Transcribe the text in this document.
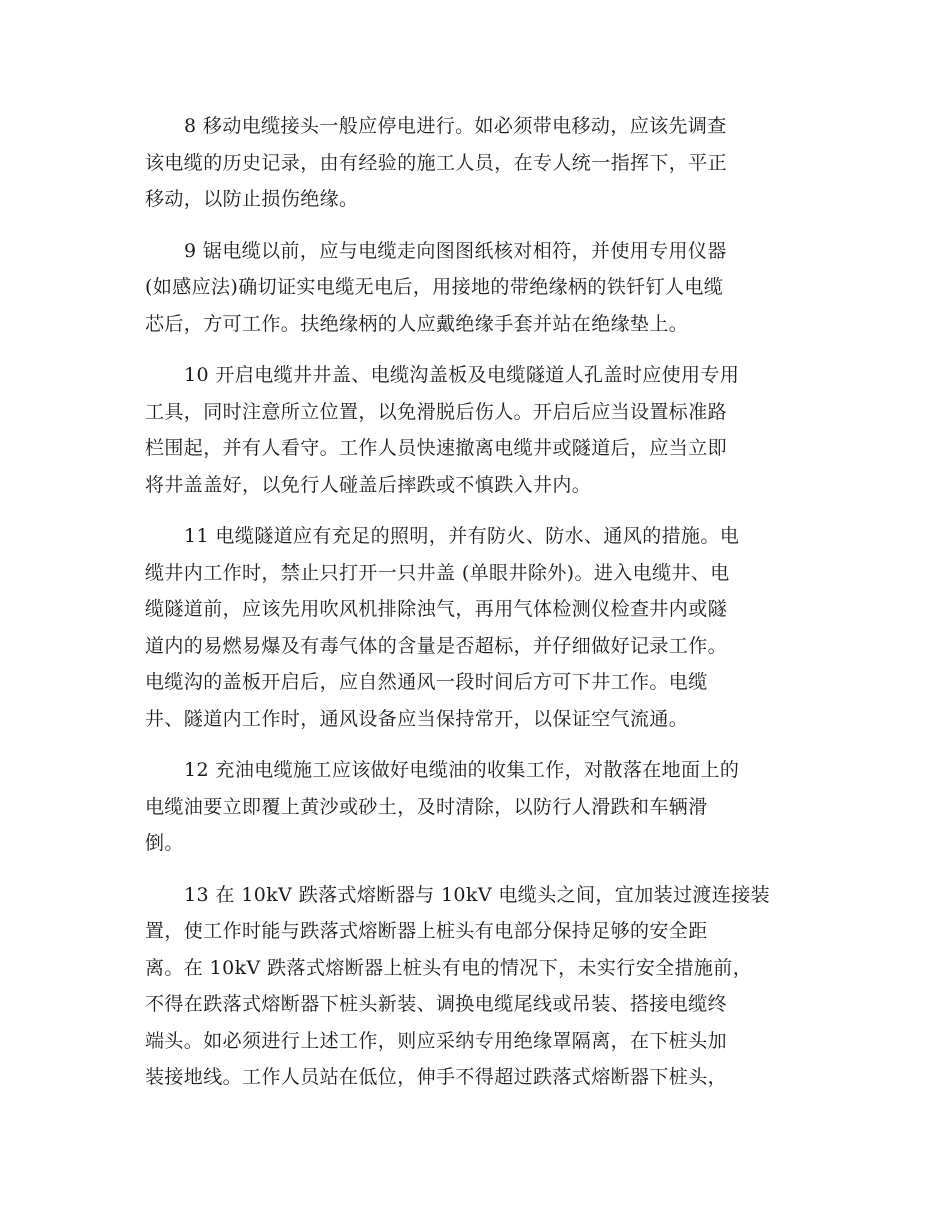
8 移动电缆接头一般应停电进行。如必须带电移动，应该先调查
该电缆的历史记录，由有经验的施工人员，在专人统一指挥下，平正
移动，以防止损伤绝缘。
9 锯电缆以前，应与电缆走向图图纸核对相符，并使用专用仪器
(如感应法)确切证实电缆无电后，用接地的带绝缘柄的铁钎钉人电缆
芯后，方可工作。扶绝缘柄的人应戴绝缘手套并站在绝缘垫上。
10 开启电缆井井盖、电缆沟盖板及电缆隧道人孔盖时应使用专用
工具，同时注意所立位置，以免滑脱后伤人。开启后应当设置标准路
栏围起，并有人看守。工作人员快速撤离电缆井或隧道后，应当立即
将井盖盖好，以免行人碰盖后摔跌或不慎跌入井内。
11 电缆隧道应有充足的照明，并有防火、防水、通风的措施。电
缆井内工作时，禁止只打开一只井盖 (单眼井除外)。进入电缆井、电
缆隧道前，应该先用吹风机排除浊气，再用气体检测仪检查井内或隧
道内的易燃易爆及有毒气体的含量是否超标，并仔细做好记录工作。
电缆沟的盖板开启后，应自然通风一段时间后方可下井工作。电缆
井、隧道内工作时，通风设备应当保持常开，以保证空气流通。
12 充油电缆施工应该做好电缆油的收集工作，对散落在地面上的
电缆油要立即覆上黄沙或砂土，及时清除，以防行人滑跌和车辆滑
倒。
13 在 10kV 跌落式熔断器与 10kV 电缆头之间，宜加装过渡连接装
置，使工作时能与跌落式熔断器上桩头有电部分保持足够的安全距
离。在 10kV 跌落式熔断器上桩头有电的情况下，未实行安全措施前，
不得在跌落式熔断器下桩头新装、调换电缆尾线或吊装、搭接电缆终
端头。如必须进行上述工作，则应采纳专用绝缘罩隔离，在下桩头加
装接地线。工作人员站在低位，伸手不得超过跌落式熔断器下桩头，
